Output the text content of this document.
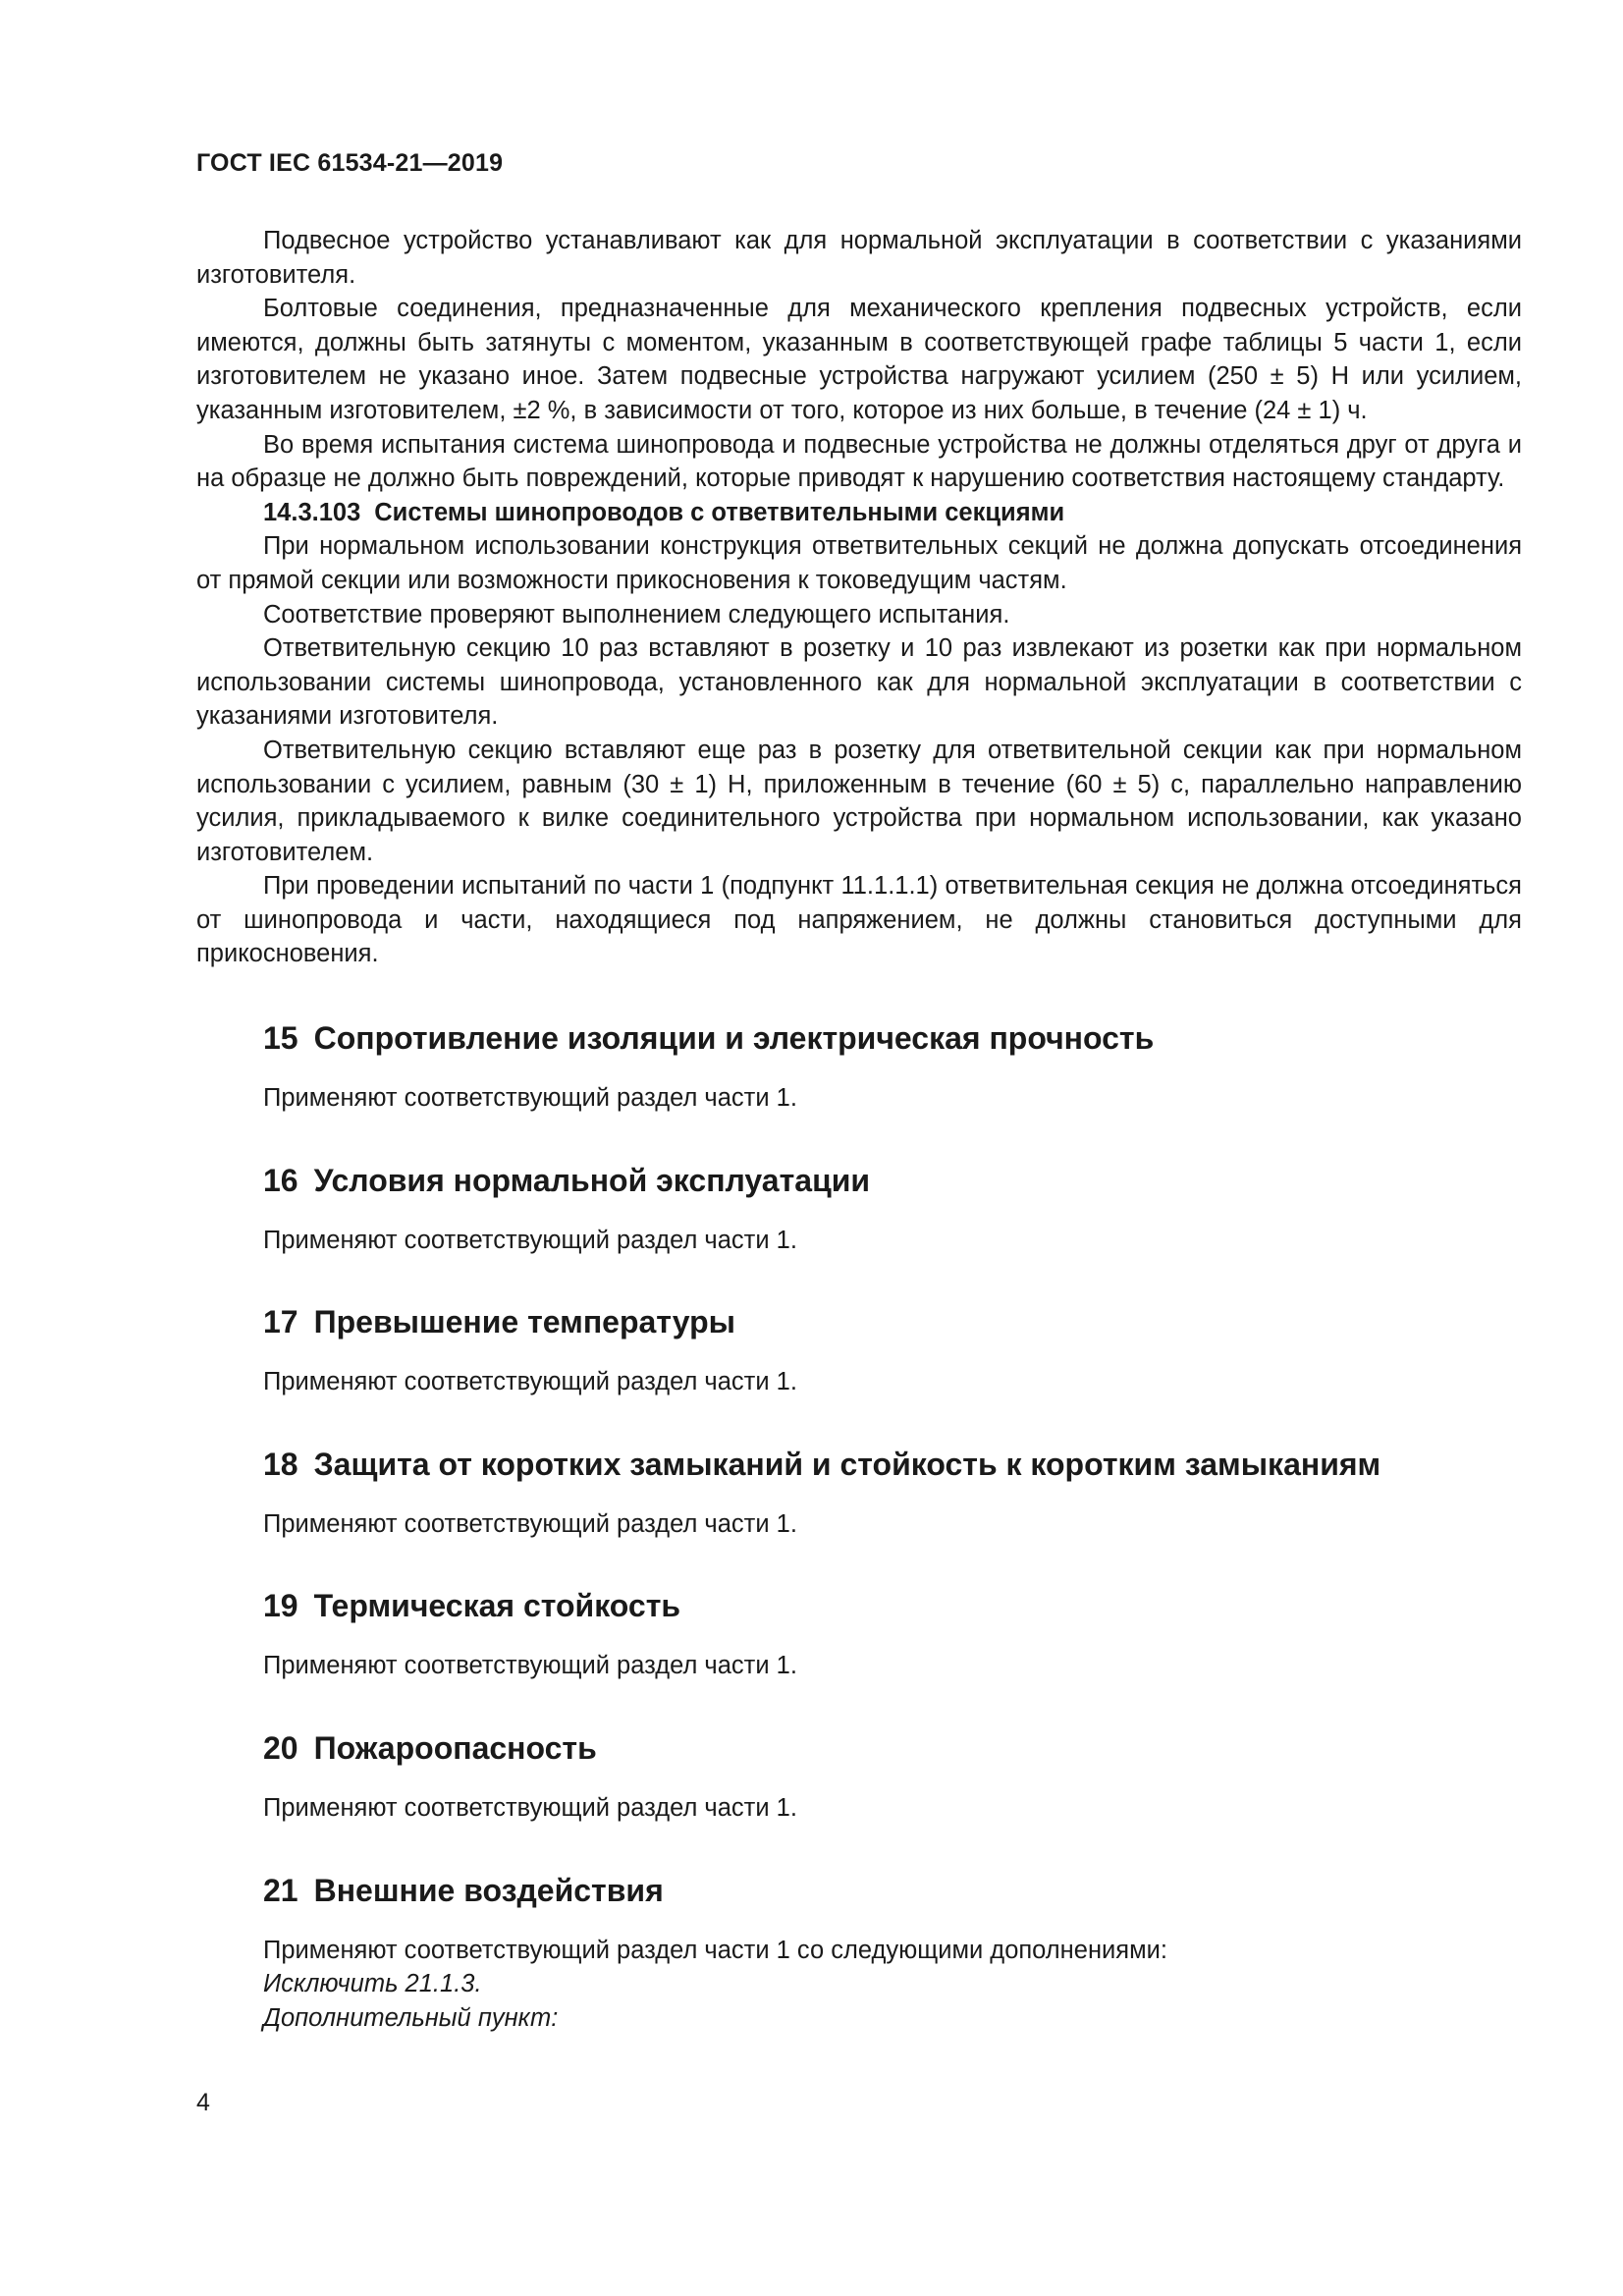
ГОСТ IEC 61534-21—2019

Подвесное устройство устанавливают как для нормальной эксплуатации в соответствии с указаниями изготовителя.

Болтовые соединения, предназначенные для механического крепления подвесных устройств, если имеются, должны быть затянуты с моментом, указанным в соответствующей графе таблицы 5 части 1, если изготовителем не указано иное. Затем подвесные устройства нагружают усилием (250 ± 5) Н или усилием, указанным изготовителем, ±2 %, в зависимости от того, которое из них больше, в течение (24 ± 1) ч.

Во время испытания система шинопровода и подвесные устройства не должны отделяться друг от друга и на образце не должно быть повреждений, которые приводят к нарушению соответствия настоящему стандарту.

14.3.103 Системы шинопроводов с ответвительными секциями

При нормальном использовании конструкция ответвительных секций не должна допускать отсоединения от прямой секции или возможности прикосновения к токоведущим частям.

Соответствие проверяют выполнением следующего испытания.

Ответвительную секцию 10 раз вставляют в розетку и 10 раз извлекают из розетки как при нормальном использовании системы шинопровода, установленного как для нормальной эксплуатации в соответствии с указаниями изготовителя.

Ответвительную секцию вставляют еще раз в розетку для ответвительной секции как при нормальном использовании с усилием, равным (30 ± 1) Н, приложенным в течение (60 ± 5) с, параллельно направлению усилия, прикладываемого к вилке соединительного устройства при нормальном использовании, как указано изготовителем.

При проведении испытаний по части 1 (подпункт 11.1.1.1) ответвительная секция не должна отсоединяться от шинопровода и части, находящиеся под напряжением, не должны становиться доступными для прикосновения.

15 Сопротивление изоляции и электрическая прочность

Применяют соответствующий раздел части 1.

16 Условия нормальной эксплуатации

Применяют соответствующий раздел части 1.

17 Превышение температуры

Применяют соответствующий раздел части 1.

18 Защита от коротких замыканий и стойкость к коротким замыканиям

Применяют соответствующий раздел части 1.

19 Термическая стойкость

Применяют соответствующий раздел части 1.

20 Пожароопасность

Применяют соответствующий раздел части 1.

21 Внешние воздействия

Применяют соответствующий раздел части 1 со следующими дополнениями:

Исключить 21.1.3.

Дополнительный пункт:

4
